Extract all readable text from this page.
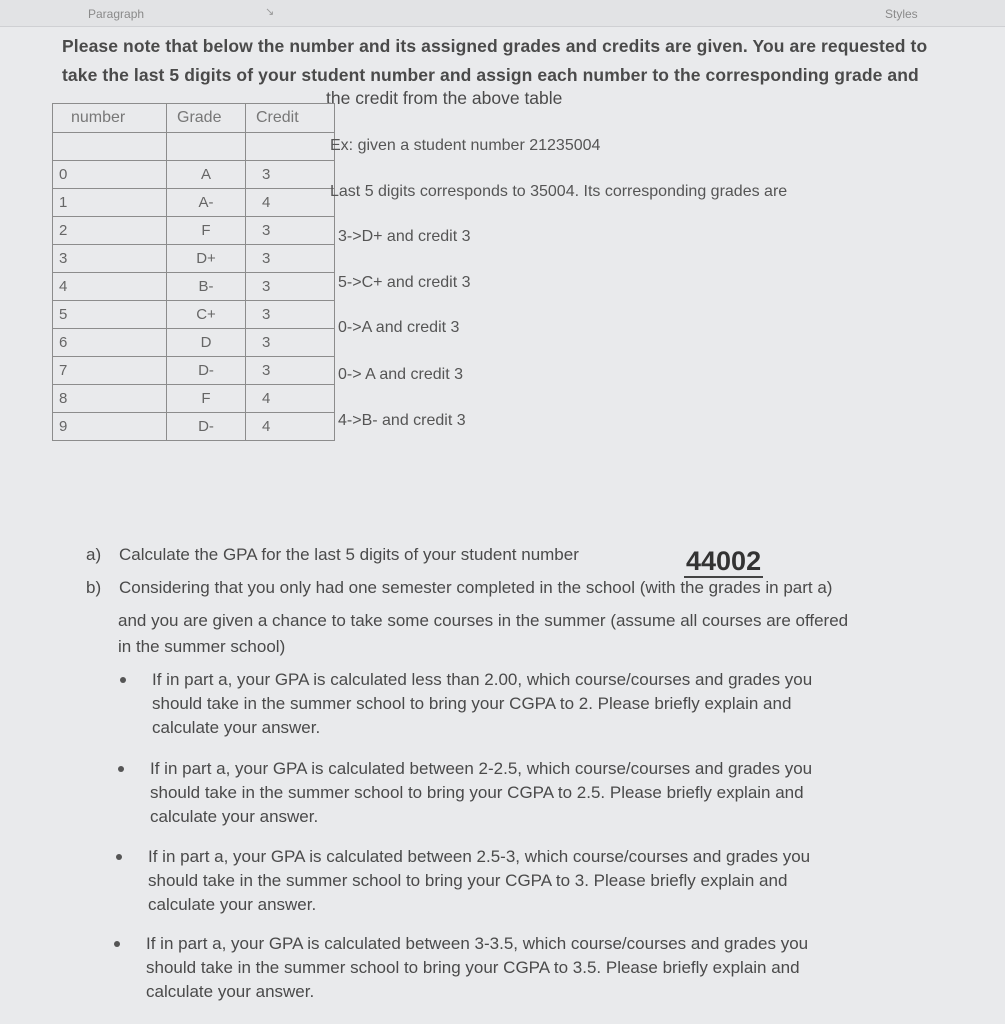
Paragraph	↘	Styles
Please note that below the number and its assigned grades and credits are given. You are requested to
take the last 5 digits of your student number and assign each number to the corresponding grade and
the credit from the above table
number	Grade	Credit

0	A	3
1	A-	4
2	F	3
3	D+	3
4	B-	3
5	C+	3
6	D	3
7	D-	3
8	F	4
9	D-	4
Ex: given a student number 21235004
Last 5 digits corresponds to 35004. Its corresponding grades are
3->D+ and credit 3
5->C+ and credit 3
0->A and credit 3
0-> A and credit 3
4->B- and credit 3
a) Calculate the GPA for the last 5 digits of your student number	44002
b) Considering that you only had one semester completed in the school (with the grades in part a)
and you are given a chance to take some courses in the summer (assume all courses are offered
in the summer school)

If in part a, your GPA is calculated less than 2.00, which course/courses and grades you

should take in the summer school to bring your CGPA to 2. Please briefly explain and

calculate your answer.

If in part a, your GPA is calculated between 2-2.5, which course/courses and grades you

should take in the summer school to bring your CGPA to 2.5. Please briefly explain and

calculate your answer.

If in part a, your GPA is calculated between 2.5-3, which course/courses and grades you

should take in the summer school to bring your CGPA to 3. Please briefly explain and

calculate your answer.

If in part a, your GPA is calculated between 3-3.5, which course/courses and grades you

should take in the summer school to bring your CGPA to 3.5. Please briefly explain and

calculate your answer.
